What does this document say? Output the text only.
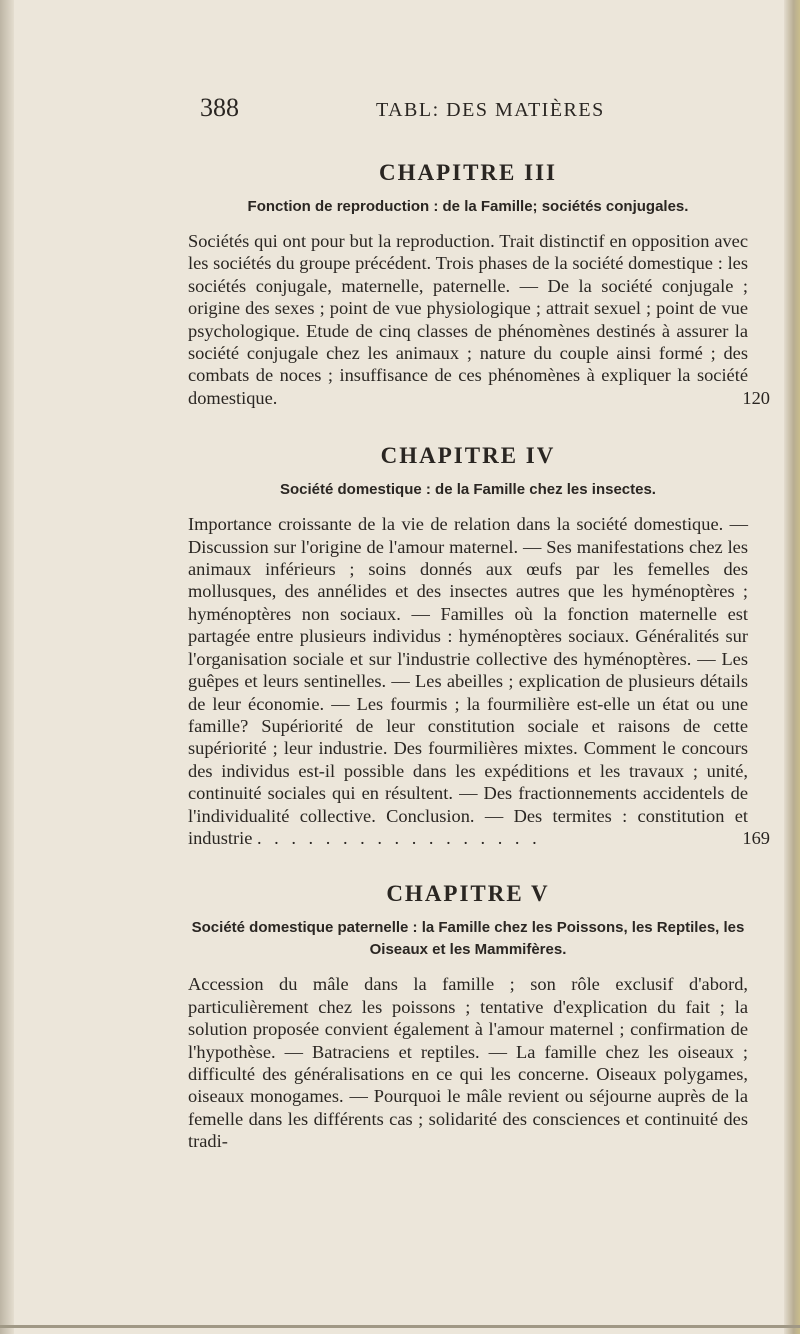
388	TABL: DES MATIÈRES
CHAPITRE III
Fonction de reproduction : de la Famille; sociétés conjugales.

Sociétés qui ont pour but la reproduction. Trait distinctif en opposition avec les sociétés du groupe précédent. Trois phases de la société domestique : les sociétés conjugale, maternelle, paternelle. — De la société conjugale ; origine des sexes ; point de vue physiologique ; attrait sexuel ; point de vue psychologique. Etude de cinq classes de phénomènes destinés à assurer la société conjugale chez les animaux ; nature du couple ainsi formé ; des combats de noces ; insuffisance de ces phénomènes à expliquer la société domestique.	120
CHAPITRE IV
Société domestique : de la Famille chez les insectes.

Importance croissante de la vie de relation dans la société domestique. — Discussion sur l'origine de l'amour maternel. — Ses manifestations chez les animaux inférieurs ; soins donnés aux œufs par les femelles des mollusques, des annélides et des insectes autres que les hyménoptères ; hyménoptères non sociaux. — Familles où la fonction maternelle est partagée entre plusieurs individus : hyménoptères sociaux. Généralités sur l'organisation sociale et sur l'industrie collective des hyménoptères. — Les guêpes et leurs sentinelles. — Les abeilles ; explication de plusieurs détails de leur économie. — Les fourmis ; la fourmilière est-elle un état ou une famille? Supériorité de leur constitution sociale et raisons de cette supériorité ; leur industrie. Des fourmilières mixtes. Comment le concours des individus est-il possible dans les expéditions et les travaux ; unité, continuité sociales qui en résultent. — Des fractionnements accidentels de l'individualité collective. Conclusion. — Des termites : constitution et industrie . . . . . . . . . . . . . . . . .	169
CHAPITRE V
Société domestique paternelle : la Famille chez les Poissons, les Reptiles, les Oiseaux et les Mammifères.

Accession du mâle dans la famille ; son rôle exclusif d'abord, particulièrement chez les poissons ; tentative d'explication du fait ; la solution proposée convient également à l'amour maternel ; confirmation de l'hypothèse. — Batraciens et reptiles. — La famille chez les oiseaux ; difficulté des généralisations en ce qui les concerne. Oiseaux polygames, oiseaux monogames. — Pourquoi le mâle revient ou séjourne auprès de la femelle dans les différents cas ; solidarité des consciences et continuité des tradi-
